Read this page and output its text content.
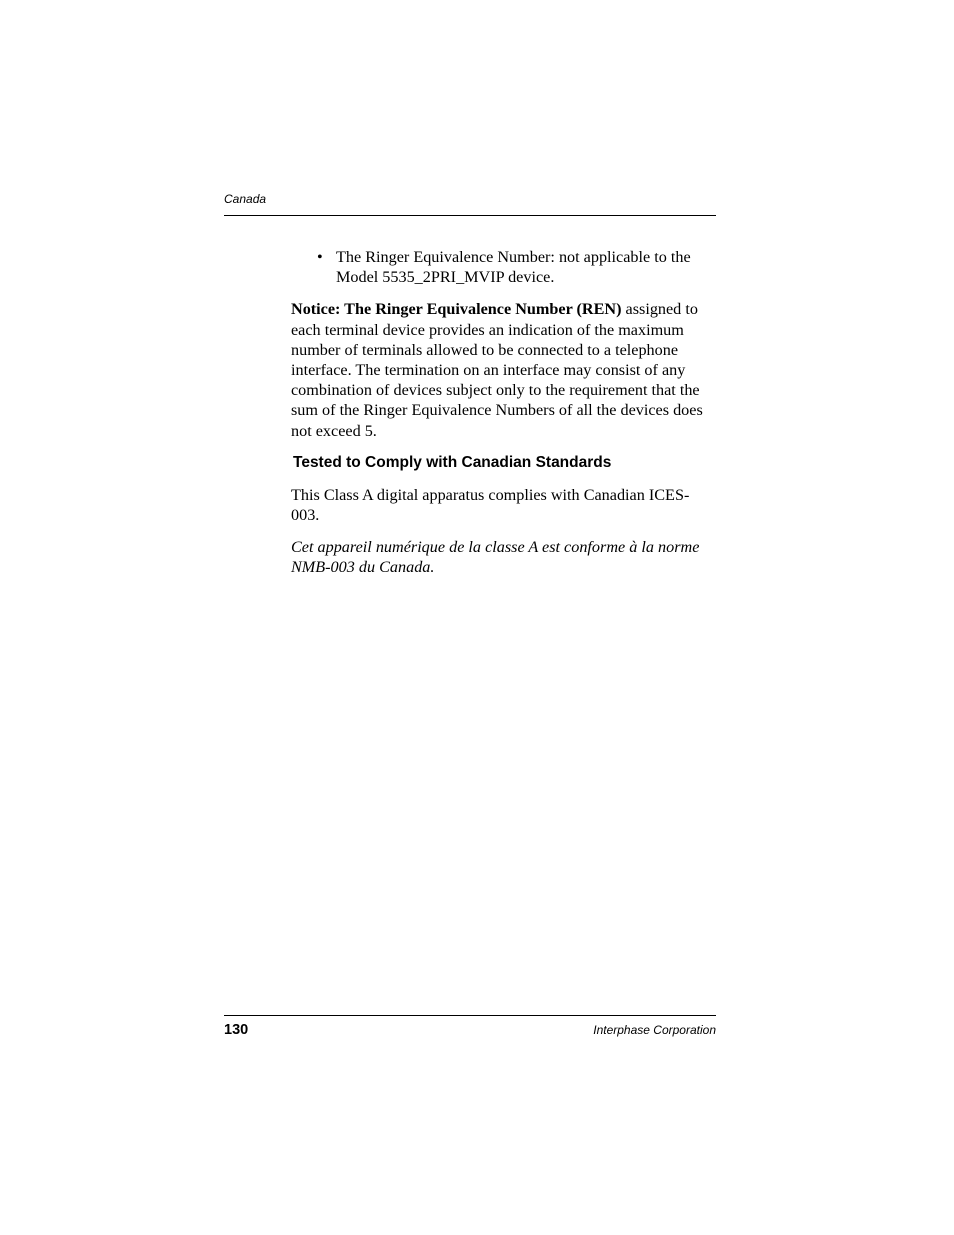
Canada
• The Ringer Equivalence Number: not applicable to the Model 5535_2PRI_MVIP device.

Notice: The Ringer Equivalence Number (REN) assigned to each terminal device provides an indication of the maximum number of terminals allowed to be connected to a telephone interface. The termination on an interface may consist of any combination of devices subject only to the requirement that the sum of the Ringer Equivalence Numbers of all the devices does not exceed 5.

Tested to Comply with Canadian Standards

This Class A digital apparatus complies with Canadian ICES-003.

Cet appareil numérique de la classe A est conforme à la norme NMB-003 du Canada.

130	Interphase Corporation
